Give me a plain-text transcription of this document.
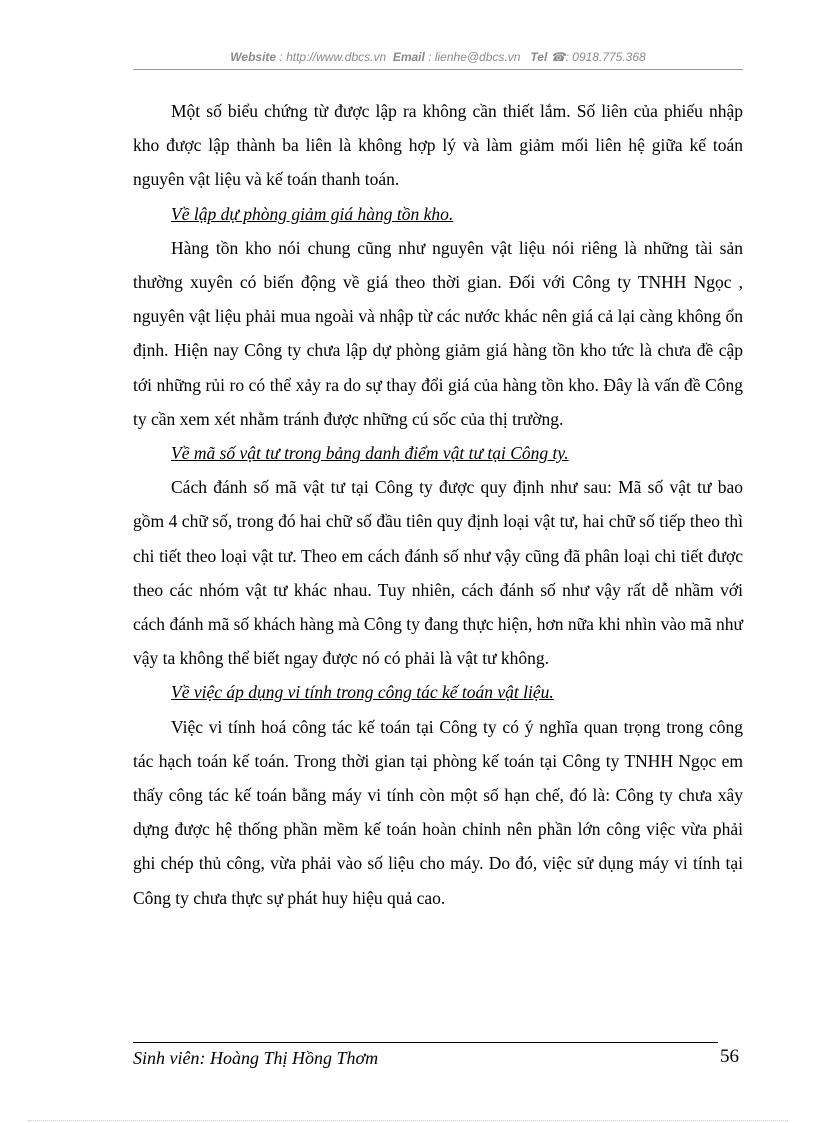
Website : http://www.dbcs.vn Email : lienhe@dbcs.vn Tel ☎: 0918.775.368

Một số biểu chứng từ được lập ra không cần thiết lắm. Số liên của phiếu nhập kho được lập thành ba liên là không hợp lý và làm giảm mối liên hệ giữa kế toán nguyên vật liệu và kế toán thanh toán.

Về lập dự phòng giảm giá hàng tồn kho.

Hàng tồn kho nói chung cũng như nguyên vật liệu nói riêng là những tài sản thường xuyên có biến động về giá theo thời gian. Đối với Công ty TNHH Ngọc , nguyên vật liệu phải mua ngoài và nhập từ các nước khác nên giá cả lại càng không ổn định. Hiện nay Công ty chưa lập dự phòng giảm giá hàng tồn kho tức là chưa đề cập tới những rủi ro có thể xảy ra do sự thay đổi giá của hàng tồn kho. Đây là vấn đề Công ty cần xem xét nhằm tránh được những cú sốc của thị trường.

Về mã số vật tư trong bảng danh điểm vật tư tại Công ty.

Cách đánh số mã vật tư tại Công ty được quy định như sau: Mã số vật tư bao gồm 4 chữ số, trong đó hai chữ số đầu tiên quy định loại vật tư, hai chữ số tiếp theo thì chi tiết theo loại vật tư. Theo em cách đánh số như vậy cũng đã phân loại chi tiết được theo các nhóm vật tư khác nhau. Tuy nhiên, cách đánh số như vậy rất dễ nhầm với cách đánh mã số khách hàng mà Công ty đang thực hiện, hơn nữa khi nhìn vào mã như vậy ta không thể biết ngay được nó có phải là vật tư không.

Về việc áp dụng vi tính trong công tác kế toán vật liệu.

Việc vi tính hoá công tác kế toán tại Công ty có ý nghĩa quan trọng trong công tác hạch toán kế toán. Trong thời gian tại phòng kế toán tại Công ty TNHH Ngọc em thấy công tác kế toán bằng máy vi tính còn một số hạn chế, đó là: Công ty chưa xây dựng được hệ thống phần mềm kế toán hoàn chỉnh nên phần lớn công việc vừa phải ghi chép thủ công, vừa phải vào số liệu cho máy. Do đó, việc sử dụng máy vi tính tại Công ty chưa thực sự phát huy hiệu quả cao.

Sinh viên: Hoàng Thị Hồng Thơm	56
